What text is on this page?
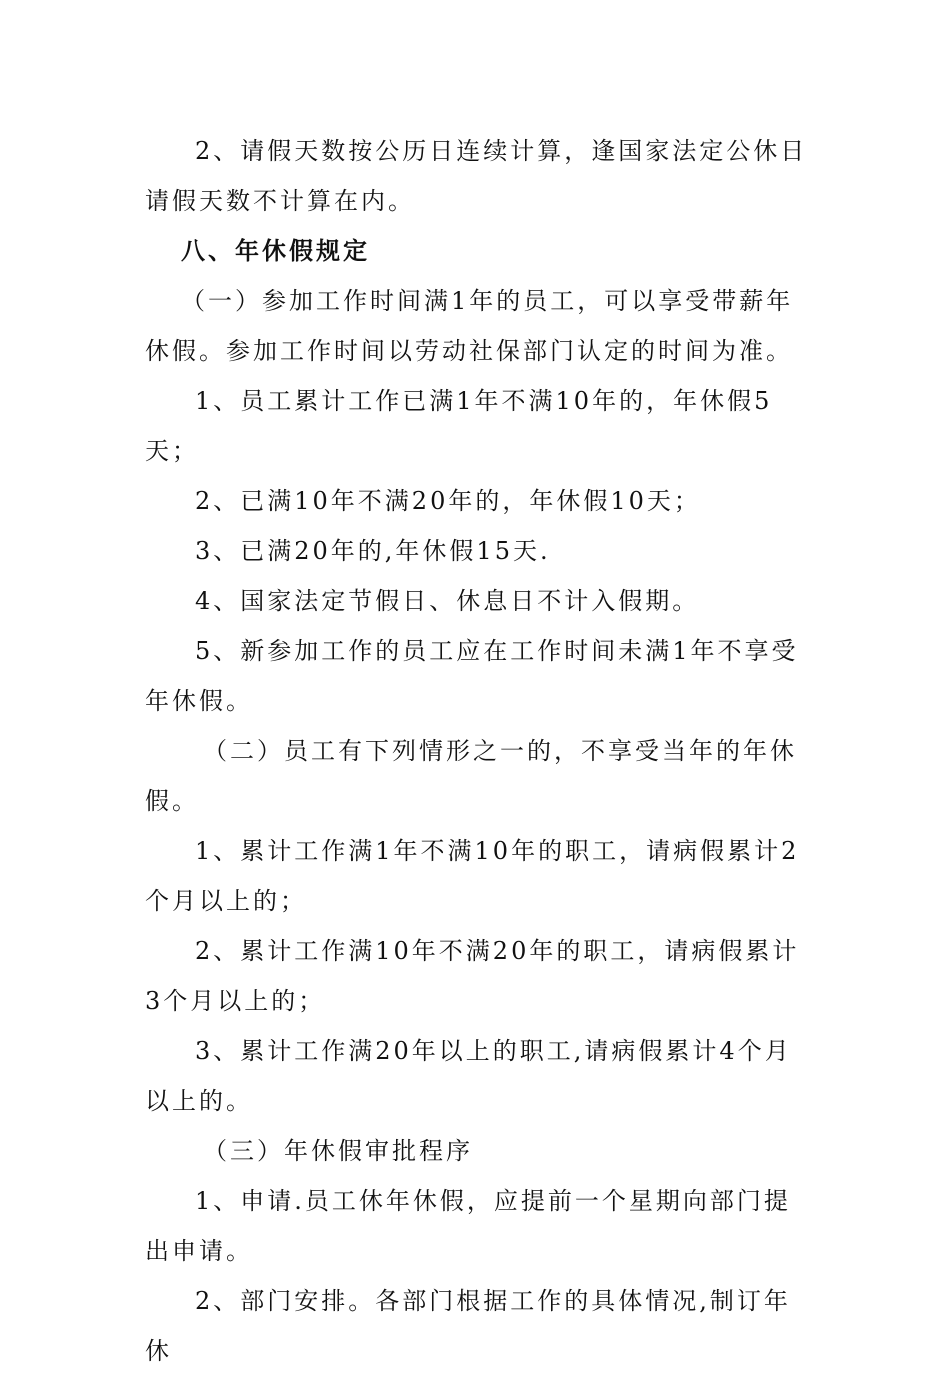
2、请假天数按公历日连续计算，逢国家法定公休日请假天数不计算在内。

八、年休假规定

（一）参加工作时间满1年的员工，可以享受带薪年休假。参加工作时间以劳动社保部门认定的时间为准。

1、员工累计工作已满1年不满10年的，年休假5天；

2、已满10年不满20年的，年休假10天；

3、已满20年的,年休假15天.

4、国家法定节假日、休息日不计入假期。

5、新参加工作的员工应在工作时间未满1年不享受年休假。

（二）员工有下列情形之一的，不享受当年的年休假。

1、累计工作满1年不满10年的职工，请病假累计2个月以上的；

2、累计工作满10年不满20年的职工，请病假累计3个月以上的；

3、累计工作满20年以上的职工,请病假累计4个月以上的。

（三）年休假审批程序

1、申请.员工休年休假，应提前一个星期向部门提出申请。

2、部门安排。各部门根据工作的具体情况,制订年休
